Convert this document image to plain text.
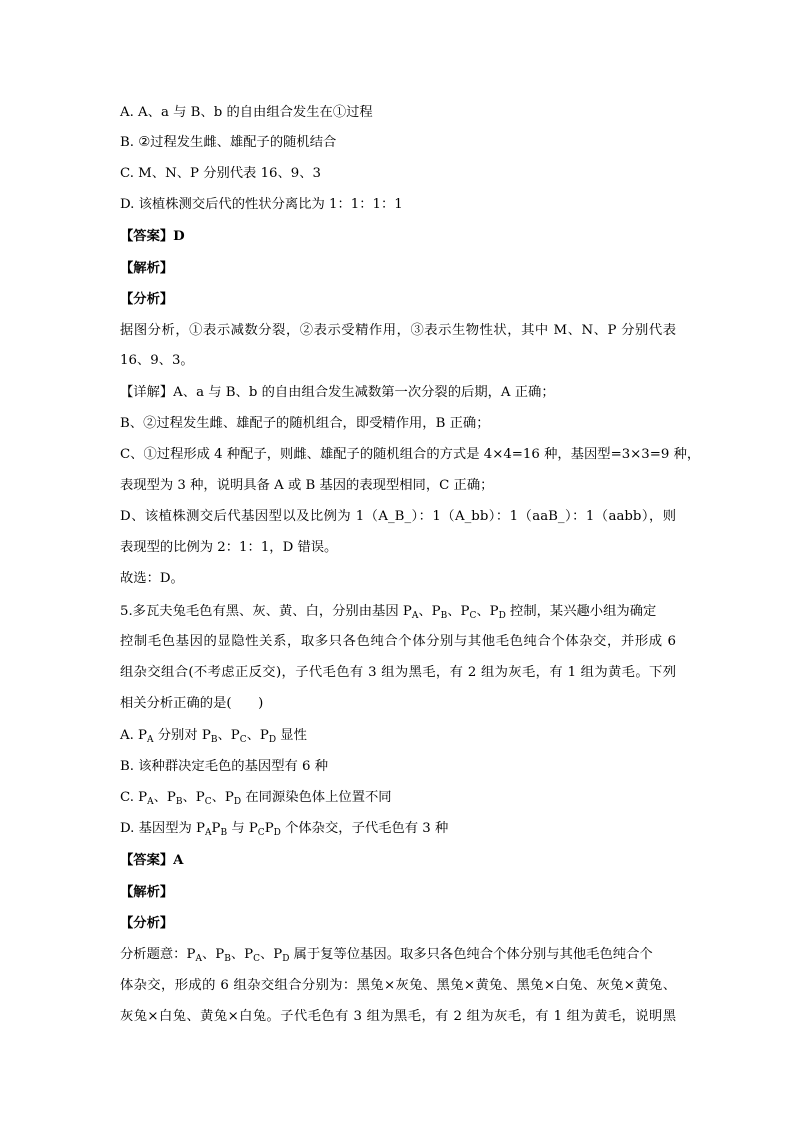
A. A、a 与 B、b 的自由组合发生在①过程
B. ②过程发生雌、雄配子的随机结合
C. M、N、P 分别代表 16、9、3
D. 该植株测交后代的性状分离比为 1：1：1：1
【答案】D
【解析】
【分析】
据图分析，①表示减数分裂，②表示受精作用，③表示生物性状，其中 M、N、P 分别代表
16、9、3。
【详解】A、a 与 B、b 的自由组合发生减数第一次分裂的后期，A 正确；
B、②过程发生雌、雄配子的随机组合，即受精作用，B 正确；
C、①过程形成 4 种配子，则雌、雄配子的随机组合的方式是 4×4=16 种，基因型=3×3=9 种，
表现型为 3 种，说明具备 A 或 B 基因的表现型相同，C 正确；
D、该植株测交后代基因型以及比例为 1（A_B_）：1（A_bb）：1（aaB_）：1（aabb），则
表现型的比例为 2：1：1，D 错误。
故选：D。
5.多瓦夫兔毛色有黑、灰、黄、白，分别由基因 $P_A$、$P_B$、$P_C$、$P_D$ 控制，某兴趣小组为确定
控制毛色基因的显隐性关系，取多只各色纯合个体分别与其他毛色纯合个体杂交，并形成 6
组杂交组合(不考虑正反交)，子代毛色有 3 组为黑毛，有 2 组为灰毛，有 1 组为黄毛。下列
相关分析正确的是(　　)
A. $P_A$ 分别对 $P_B$、$P_C$、$P_D$ 显性
B. 该种群决定毛色的基因型有 6 种
C. $P_A$、$P_B$、$P_C$、$P_D$ 在同源染色体上位置不同
D. 基因型为 $P_AP_B$ 与 $P_CP_D$ 个体杂交，子代毛色有 3 种
【答案】A
【解析】
【分析】
分析题意：$P_A$、$P_B$、$P_C$、$P_D$ 属于复等位基因。取多只各色纯合个体分别与其他毛色纯合个
体杂交，形成的 6 组杂交组合分别为：黑兔×灰兔、黑兔×黄兔、黑兔×白兔、灰兔×黄兔、
灰兔×白兔、黄兔×白兔。子代毛色有 3 组为黑毛，有 2 组为灰毛，有 1 组为黄毛，说明黑
